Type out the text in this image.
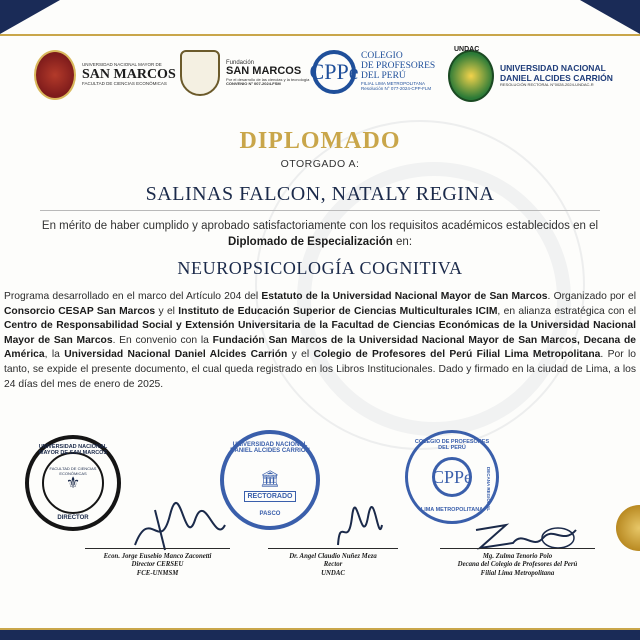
UNIVERSIDAD NACIONAL MAYOR DE
SAN MARCOS
FACULTAD DE CIENCIAS ECONÓMICAS
Fundación
SAN MARCOS
Por el desarrollo de las ciencias y la tecnología
CONVENIO N° 007-2024-FSM	CPPe
COLEGIO
DE PROFESORES
DEL PERÚ
FILIAL LIMA METROPOLITANA
Resolución N° 077-2024-CPP-FLM
UNDAC
UNIVERSIDAD NACIONAL
DANIEL ALCIDES CARRIÓN
RESOLUCIÓN RECTORAL N°0028-2024-UNDAC-R
DIPLOMADO
OTORGADO A:
SALINAS FALCON, NATALY REGINA
En mérito de haber cumplido y aprobado satisfactoriamente con los requisitos académicos establecidos en el
Diplomado de Especialización en:
NEUROPSICOLOGÍA COGNITIVA
Programa desarrollado en el marco del Artículo 204 del Estatuto de la Universidad Nacional Mayor de San Marcos. Organizado por el Consorcio CESAP San Marcos y el Instituto de Educación Superior de Ciencias Multiculturales ICIM, en alianza estratégica con el Centro de Responsabilidad Social y Extensión Universitaria de la Facultad de Ciencias Económicas de la Universidad Nacional Mayor de San Marcos. En convenio con la Fundación San Marcos de la Universidad Nacional Mayor de San Marcos, Decana de América, la Universidad Nacional Daniel Alcides Carrión y el Colegio de Profesores del Perú Filial Lima Metropolitana. Por lo tanto, se expide el presente documento, el cual queda registrado en los Libros Institucionales. Dado y firmado en la ciudad de Lima, a los 24 días del mes de enero de 2025.
UNIVERSIDAD NACIONAL MAYOR DE SAN MARCOS
⚜
FACULTAD DE CIENCIAS ECONÓMICAS
DIRECTOR
UNIVERSIDAD NACIONAL DANIEL ALCIDES CARRIÓN
🏛
RECTORADO
PASCO
COLEGIO DE PROFESORES DEL PERÚ
CPPe	DECANA REGIONAL
LIMA METROPOLITANA
Econ. Jorge Eusebio Manco Zaconetti
Director CERSEU
FCE-UNMSM
Dr. Angel Claudio Nuñez Meza
Rector
UNDAC
Mg. Zulma Tenorio Polo
Decana del Colegio de Profesores del Perú
Filial Lima Metropolitana
